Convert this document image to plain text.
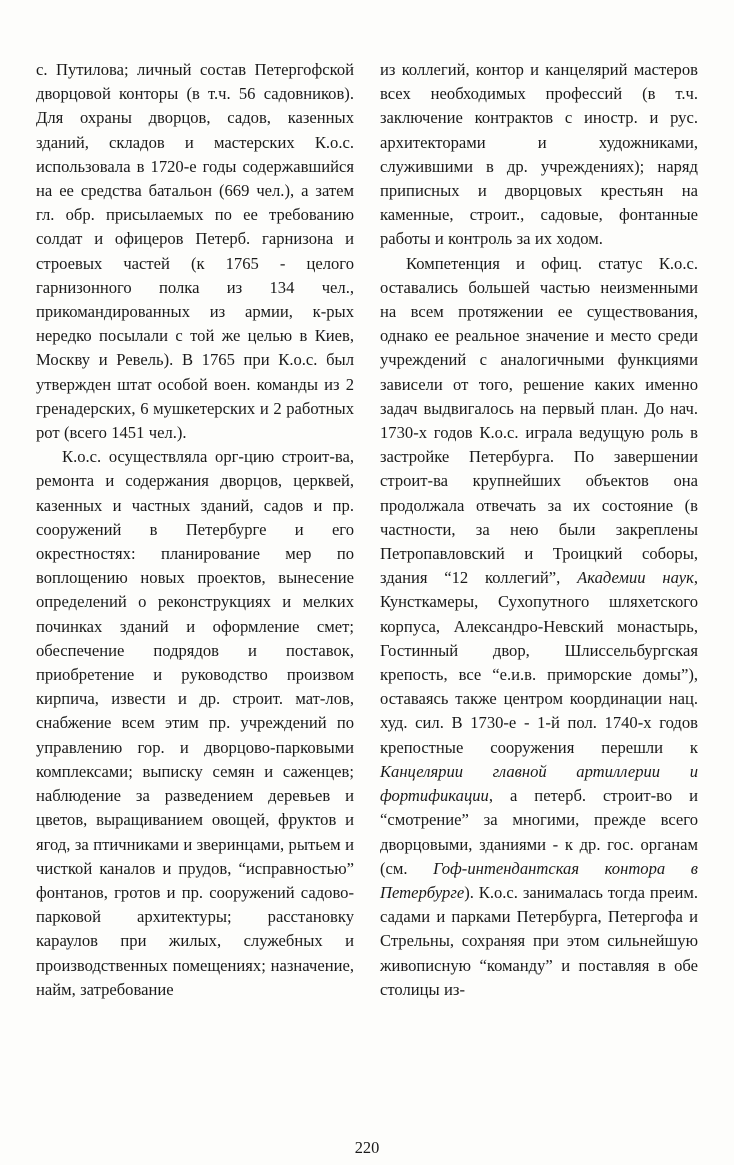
с. Путилова; личный состав Петергофской дворцовой конторы (в т.ч. 56 садовников). Для охраны дворцов, садов, казенных зданий, складов и мастерских К.о.с. использовала в 1720-е годы содержавшийся на ее средства батальон (669 чел.), а затем гл. обр. присылаемых по ее требованию солдат и офицеров Петерб. гарнизона и строевых частей (к 1765 - целого гарнизонного полка из 134 чел., прикомандированных из армии, к-рых нередко посылали с той же целью в Киев, Москву и Ревель). В 1765 при К.о.с. был утвержден штат особой воен. команды из 2 гренадерских, 6 мушкетерских и 2 работных рот (всего 1451 чел.).

К.о.с. осуществляла орг-цию строит-ва, ремонта и содержания дворцов, церквей, казенных и частных зданий, садов и пр. сооружений в Петербурге и его окрестностях: планирование мер по воплощению новых проектов, вынесение определений о реконструкциях и мелких починках зданий и оформление смет; обеспечение подрядов и поставок, приобретение и руководство произвом кирпича, извести и др. строит. мат-лов, снабжение всем этим пр. учреждений по управлению гор. и дворцово-парковыми комплексами; выписку семян и саженцев; наблюдение за разведением деревьев и цветов, выращиванием овощей, фруктов и ягод, за птичниками и зверинцами, рытьем и чисткой каналов и прудов, “исправностью” фонтанов, гротов и пр. сооружений садово-парковой архитектуры; расстановку караулов при жилых, служебных и производственных помещениях; назначение, найм, затребование

из коллегий, контор и канцелярий мастеров всех необходимых профессий (в т.ч. заключение контрактов с иностр. и рус. архитекторами и художниками, служившими в др. учреждениях); наряд приписных и дворцовых крестьян на каменные, строит., садовые, фонтанные работы и контроль за их ходом.

Компетенция и офиц. статус К.о.с. оставались большей частью неизменными на всем протяжении ее существования, однако ее реальное значение и место среди учреждений с аналогичными функциями зависели от того, решение каких именно задач выдвигалось на первый план. До нач. 1730-х годов К.о.с. играла ведущую роль в застройке Петербурга. По завершении строит-ва крупнейших объектов она продолжала отвечать за их состояние (в частности, за нею были закреплены Петропавловский и Троицкий соборы, здания “12 коллегий”, Академии наук, Кунсткамеры, Сухопутного шляхетского корпуса, Александро-Невский монастырь, Гостинный двор, Шлиссельбургская крепость, все “е.и.в. приморские домы”), оставаясь также центром координации нац. худ. сил. В 1730-е - 1-й пол. 1740-х годов крепостные сооружения перешли к Канцелярии главной артиллерии и фортификации, а петерб. строит-во и “смотрение” за многими, прежде всего дворцовыми, зданиями - к др. гос. органам (см. Гоф-интендантская контора в Петербурге). К.о.с. занималась тогда преим. садами и парками Петербурга, Петергофа и Стрельны, сохраняя при этом сильнейшую живописную “команду” и поставляя в обе столицы из-

220
